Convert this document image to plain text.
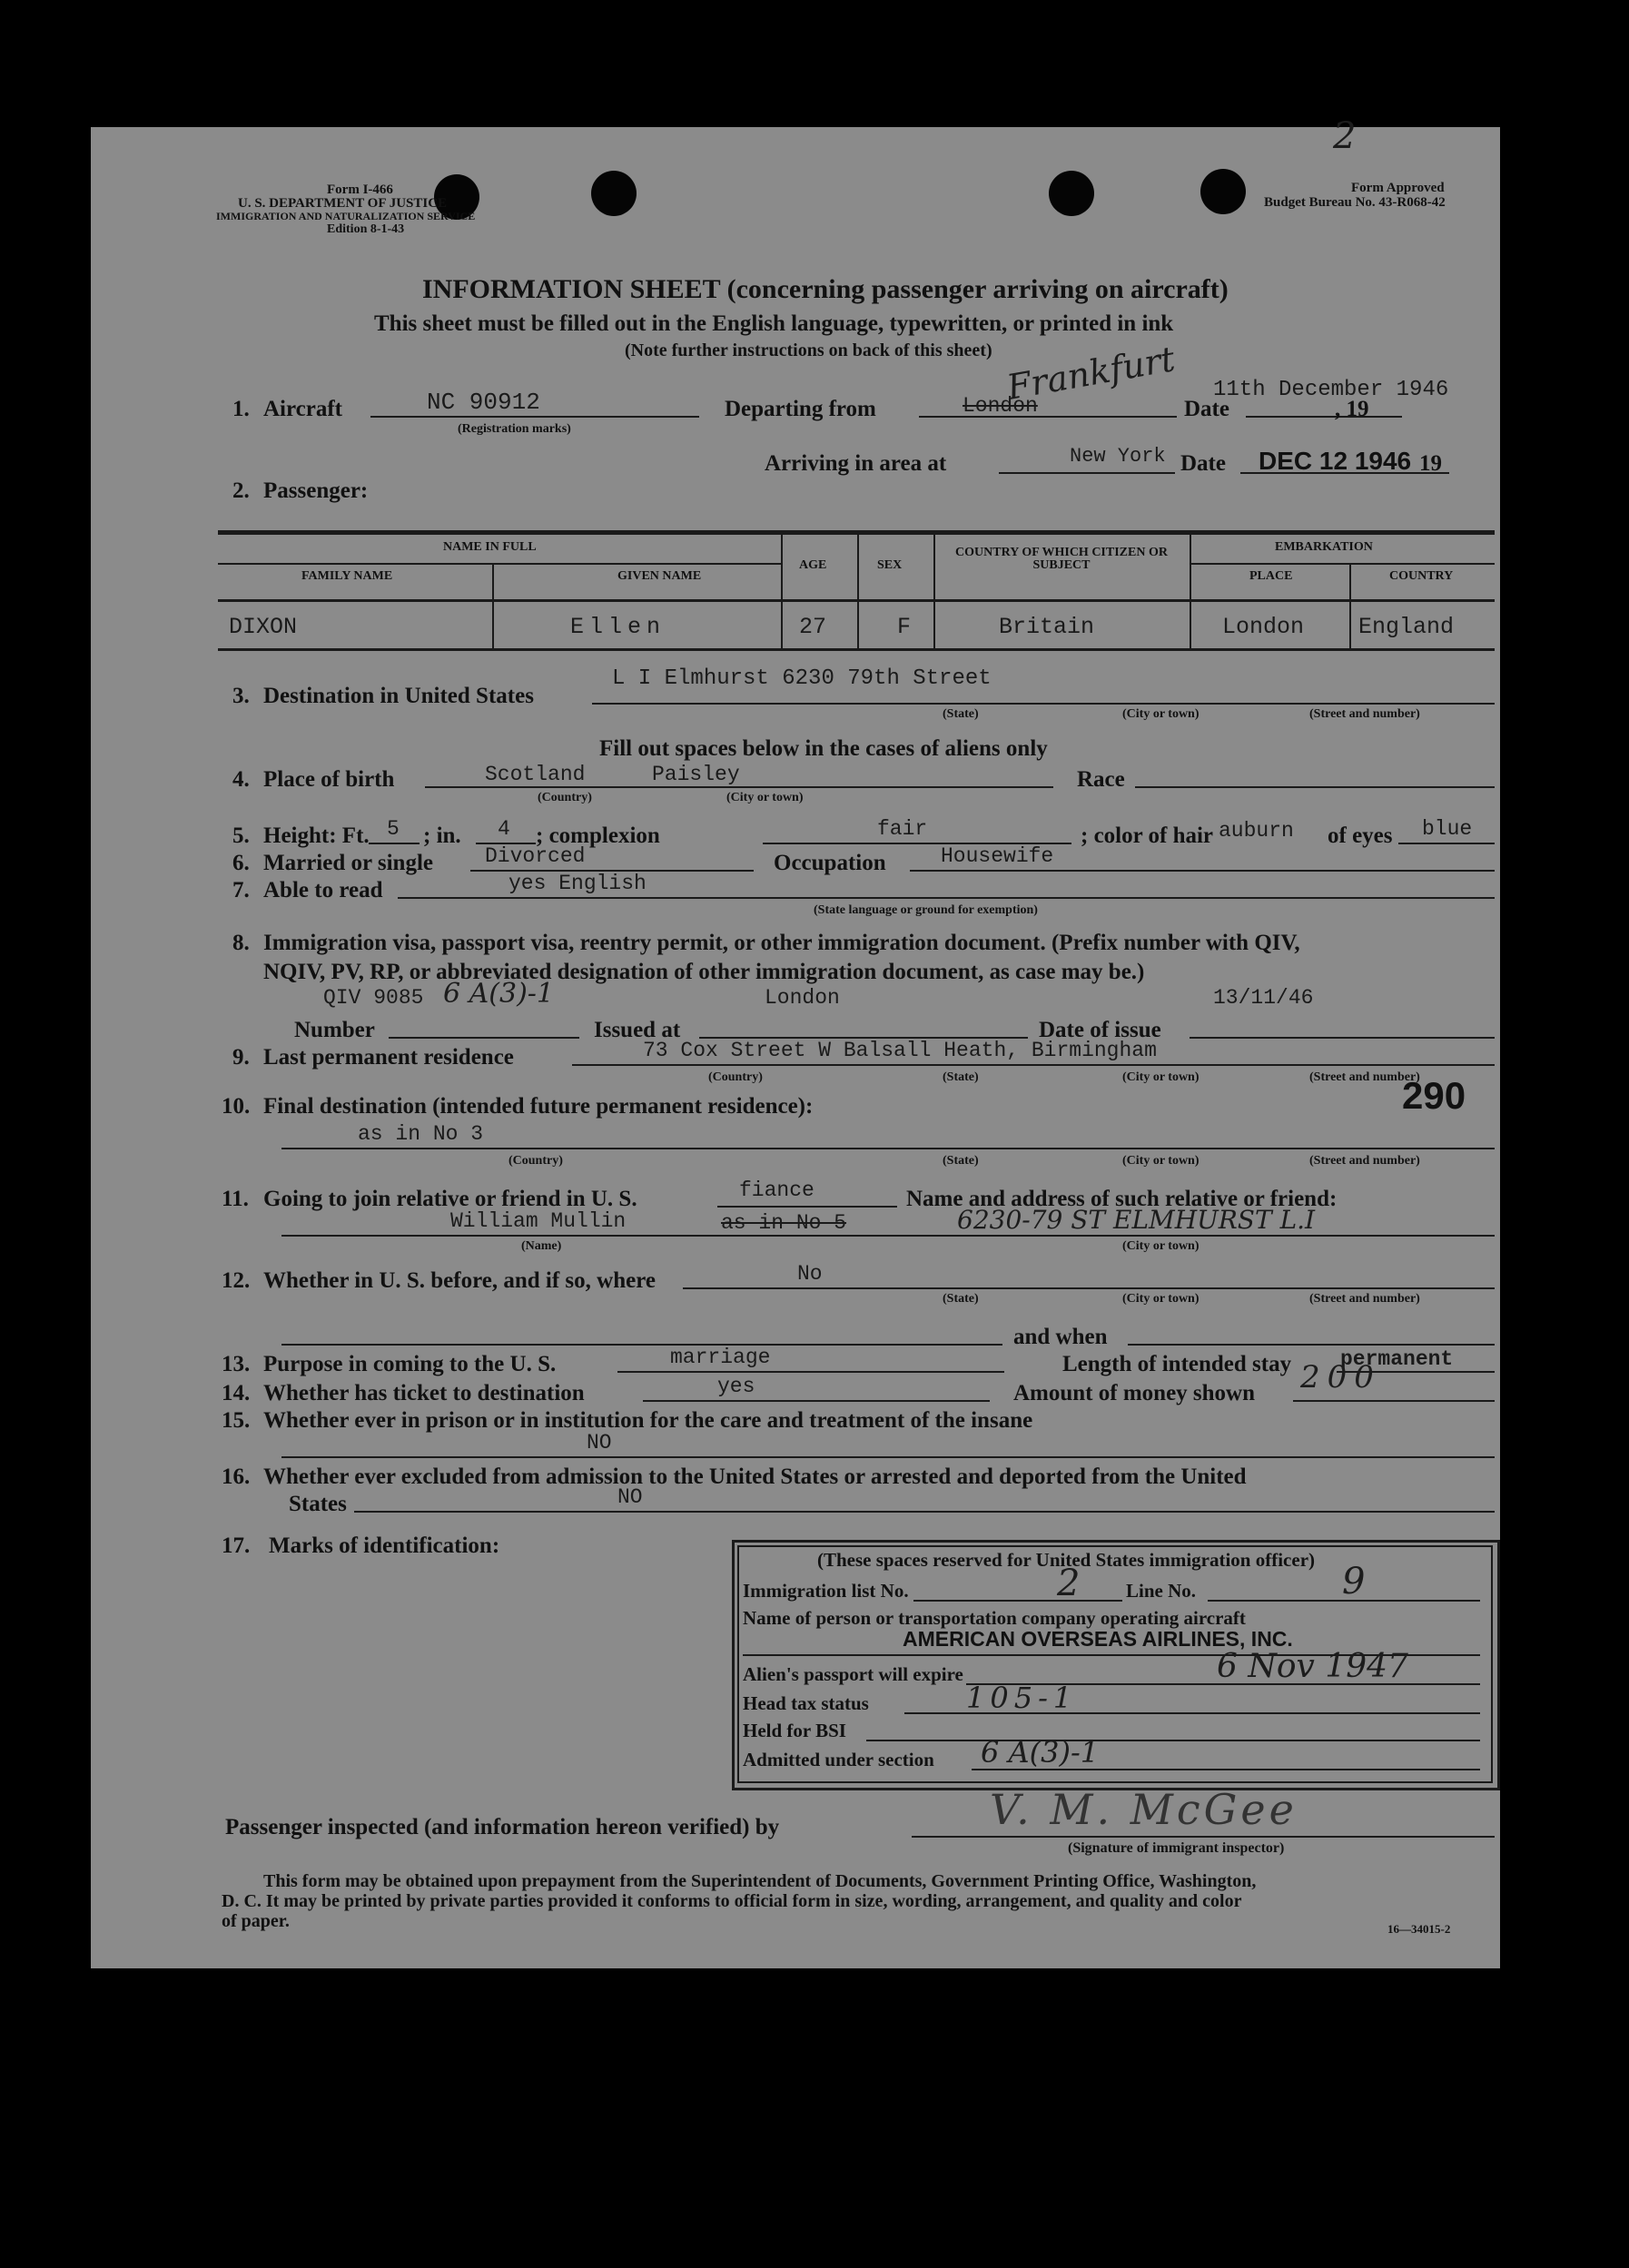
Form I-466
U. S. DEPARTMENT OF JUSTICE
IMMIGRATION AND NATURALIZATION SERVICE
Edition 8-1-43
Form Approved
Budget Bureau No. 43-R068-42
2
INFORMATION SHEET (concerning passenger arriving on aircraft)
This sheet must be filled out in the English language, typewritten, or printed in ink
(Note further instructions on back of this sheet)
1. Aircraft	NC 90912
(Registration marks)
Departing from	London
Frankfurt 11th December 1946
Date	, 19
Arriving in area at	New York Date DEC 12 1946 19
2. Passenger:
NAME IN FULL
FAMILY NAME	GIVEN NAME
AGE	SEX
COUNTRY OF WHICH CITIZEN OR SUBJECT
EMBARKATION
PLACE	COUNTRY
DIXON	Ellen	27	F	Britain	London England
3. Destination in United States
L I Elmhurst 6230 79th Street
(State)	(City or town)	(Street and number)
Fill out spaces below in the cases of aliens only
4. Place of birth	Scotland	Paisley
(Country)	(City or town)
Race
5. Height: Ft. 5 ; in. 4 ; complexion	fair	; color of hair auburn of eyes blue
6. Married or single Divorced	Occupation	Housewife
7. Able to read	yes English
(State language or ground for exemption)
8. Immigration visa, passport visa, reentry permit, or other immigration document. (Prefix number with QIV,
NQIV, PV, RP, or abbreviated designation of other immigration document, as case may be.)
QIV 9085 6 A(3)-1	London	13/11/46
Number	Issued at	Date of issue
9. Last permanent residence	73 Cox Street W Balsall Heath, Birmingham
(Country)	(State)	(City or town)	(Street and number)
10. Final destination (intended future permanent residence):	290
as in No 3
(Country)	(State)	(City or town)	(Street and number)
11. Going to join relative or friend in U. S.	fiance	Name and address of such relative or friend:
William Mullin	as in No 5	6230-79 ST ELMHURST L.I
(Name)	(City or town)
12. Whether in U. S. before, and if so, where	No
(State)	(City or town)	(Street and number)
and when
13. Purpose in coming to the U. S.	marriage	Length of intended stay permanent
14. Whether has ticket to destination	yes	Amount of money shown 200
15. Whether ever in prison or in institution for the care and treatment of the insane
NO
16. Whether ever excluded from admission to the United States or arrested and deported from the United
States	NO
17. Marks of identification:
(These spaces reserved for United States immigration officer)
Immigration list No.	2 Line No.	9
Name of person or transportation company operating aircraft
AMERICAN OVERSEAS AIRLINES, INC.
Alien's passport will expire	6 Nov 1947
Head tax status	105-1
Held for BSI
Admitted under section 6 A(3)-1
Passenger inspected (and information hereon verified) by	V. M. McGee
(Signature of immigrant inspector)
This form may be obtained upon prepayment from the Superintendent of Documents, Government Printing Office, Washington,
D. C. It may be printed by private parties provided it conforms to official form in size, wording, arrangement, and quality and color
of paper.	16—34015-2
